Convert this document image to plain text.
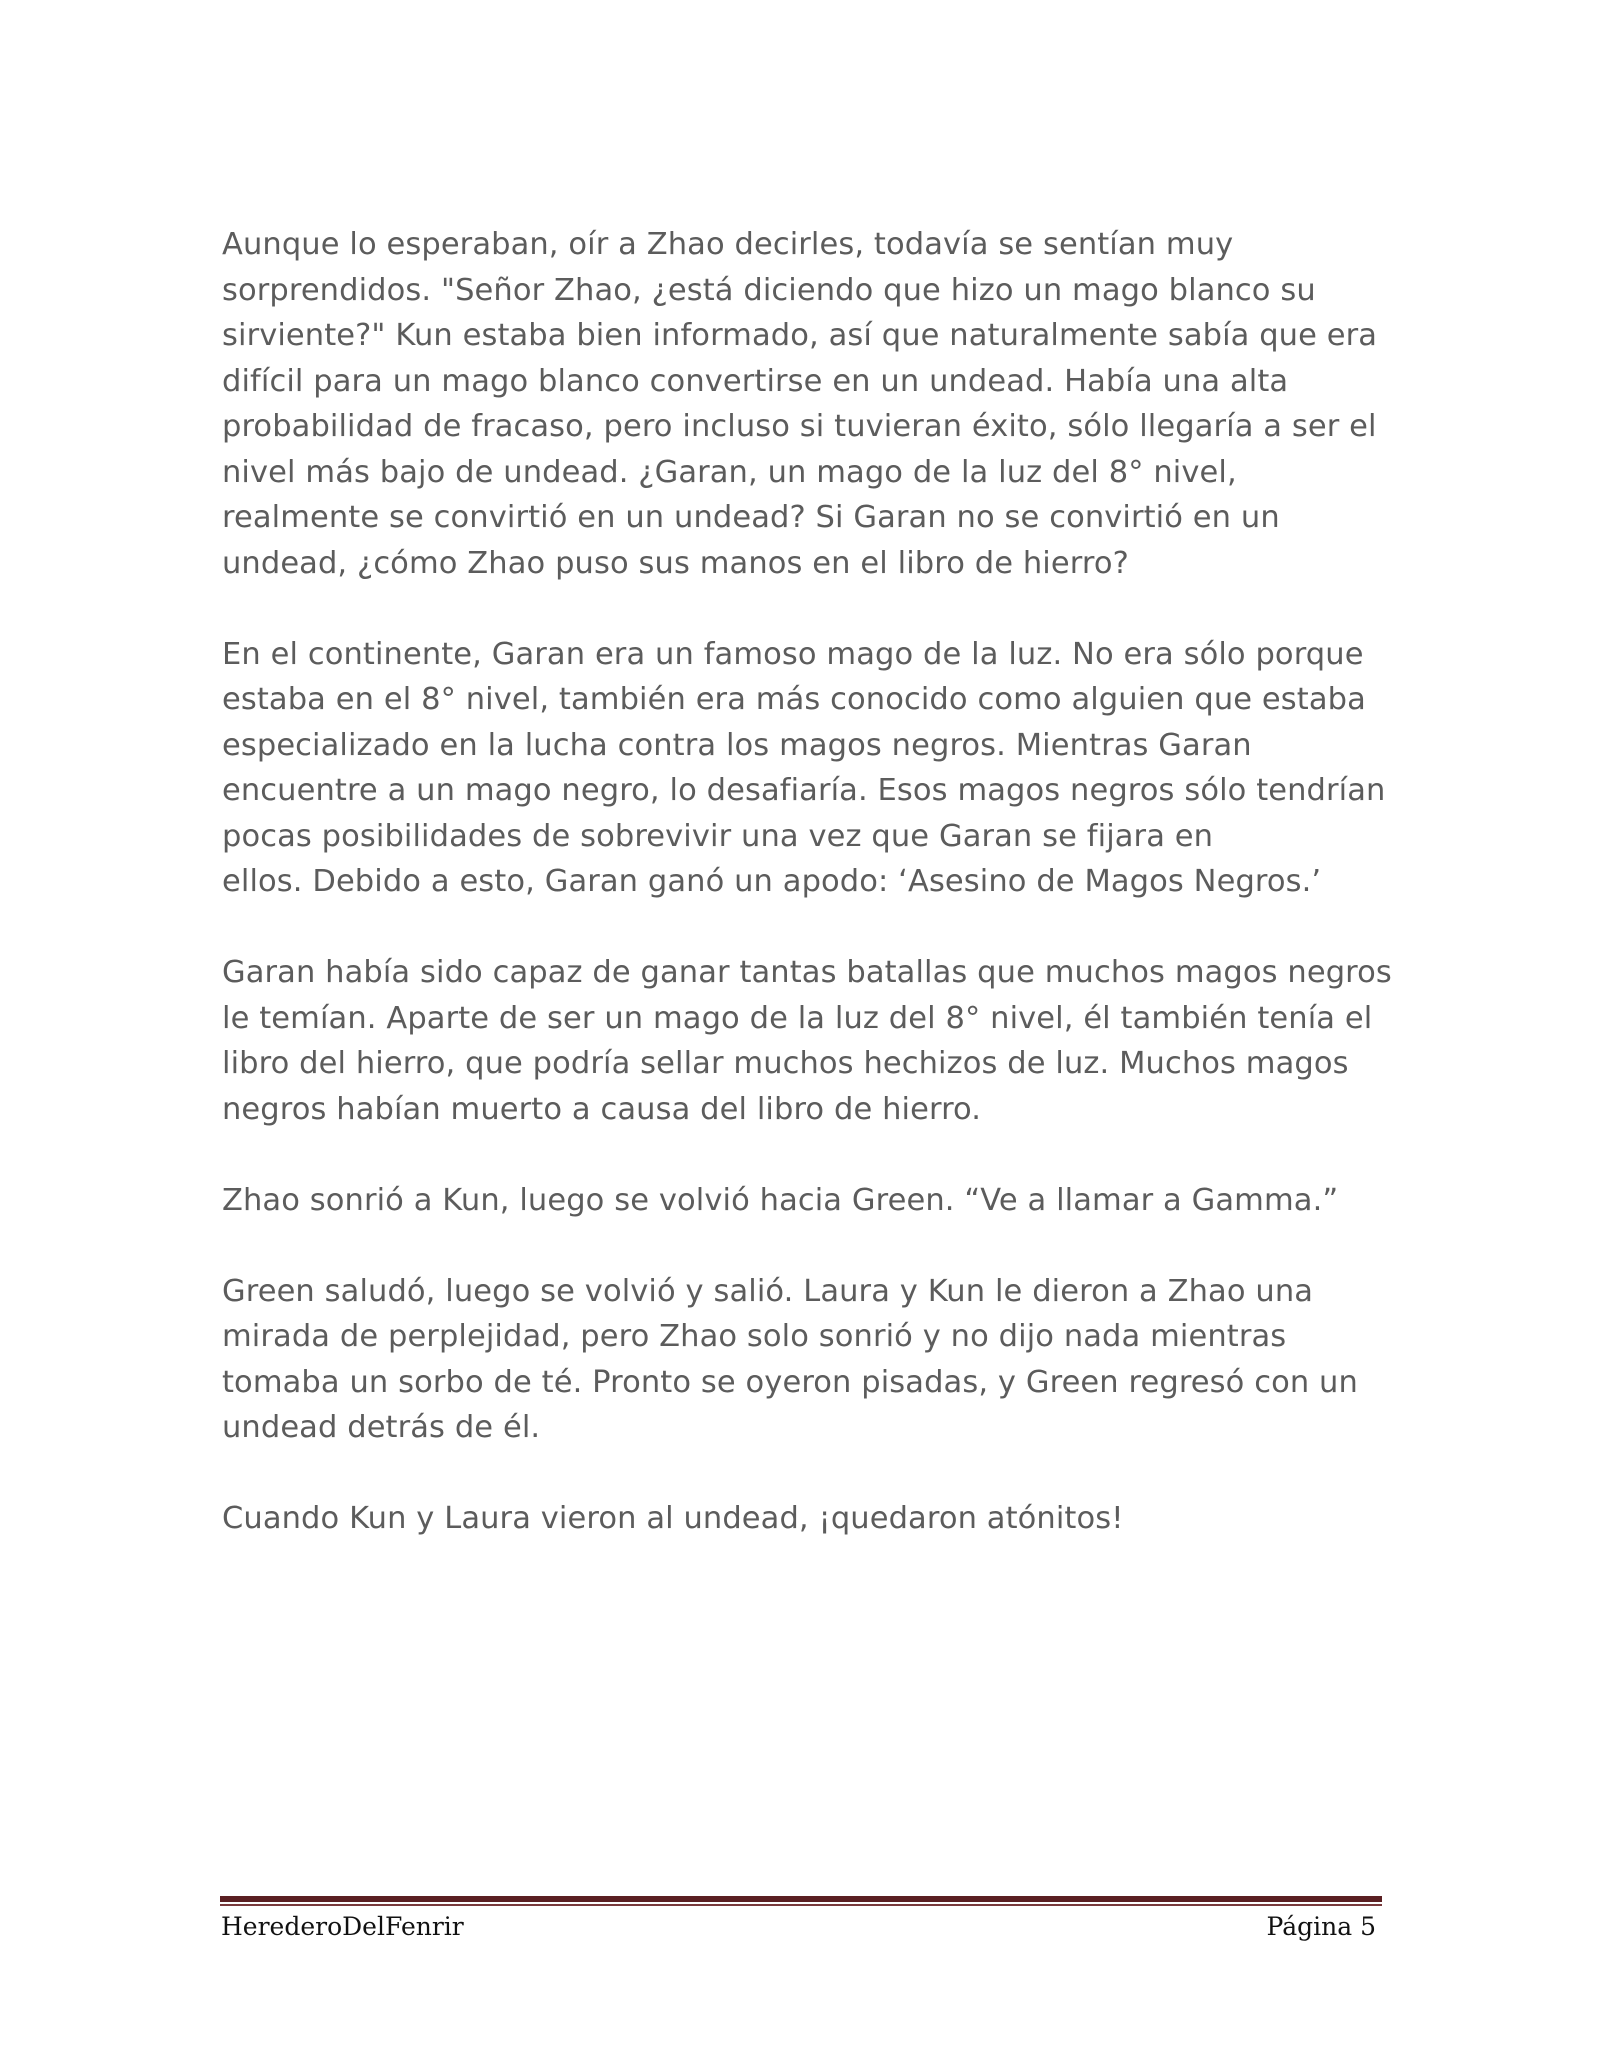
Aunque lo esperaban, oír a Zhao decirles, todavía se sentían muy
sorprendidos. "Señor Zhao, ¿está diciendo que hizo un mago blanco su
sirviente?" Kun estaba bien informado, así que naturalmente sabía que era
difícil para un mago blanco convertirse en un undead. Había una alta
probabilidad de fracaso, pero incluso si tuvieran éxito, sólo llegaría a ser el
nivel más bajo de undead. ¿Garan, un mago de la luz del 8° nivel,
realmente se convirtió en un undead? Si Garan no se convirtió en un
undead, ¿cómo Zhao puso sus manos en el libro de hierro?

En el continente, Garan era un famoso mago de la luz. No era sólo porque
estaba en el 8° nivel, también era más conocido como alguien que estaba
especializado en la lucha contra los magos negros. Mientras Garan
encuentre a un mago negro, lo desafiaría. Esos magos negros sólo tendrían
pocas posibilidades de sobrevivir una vez que Garan se fijara en
ellos. Debido a esto, Garan ganó un apodo: ‘Asesino de Magos Negros.’

Garan había sido capaz de ganar tantas batallas que muchos magos negros
le temían. Aparte de ser un mago de la luz del 8° nivel, él también tenía el
libro del hierro, que podría sellar muchos hechizos de luz. Muchos magos
negros habían muerto a causa del libro de hierro.

Zhao sonrió a Kun, luego se volvió hacia Green. “Ve a llamar a Gamma.”

Green saludó, luego se volvió y salió. Laura y Kun le dieron a Zhao una
mirada de perplejidad, pero Zhao solo sonrió y no dijo nada mientras
tomaba un sorbo de té. Pronto se oyeron pisadas, y Green regresó con un
undead detrás de él.

Cuando Kun y Laura vieron al undead, ¡quedaron atónitos!

HerederoDelFenrir	Página 5
